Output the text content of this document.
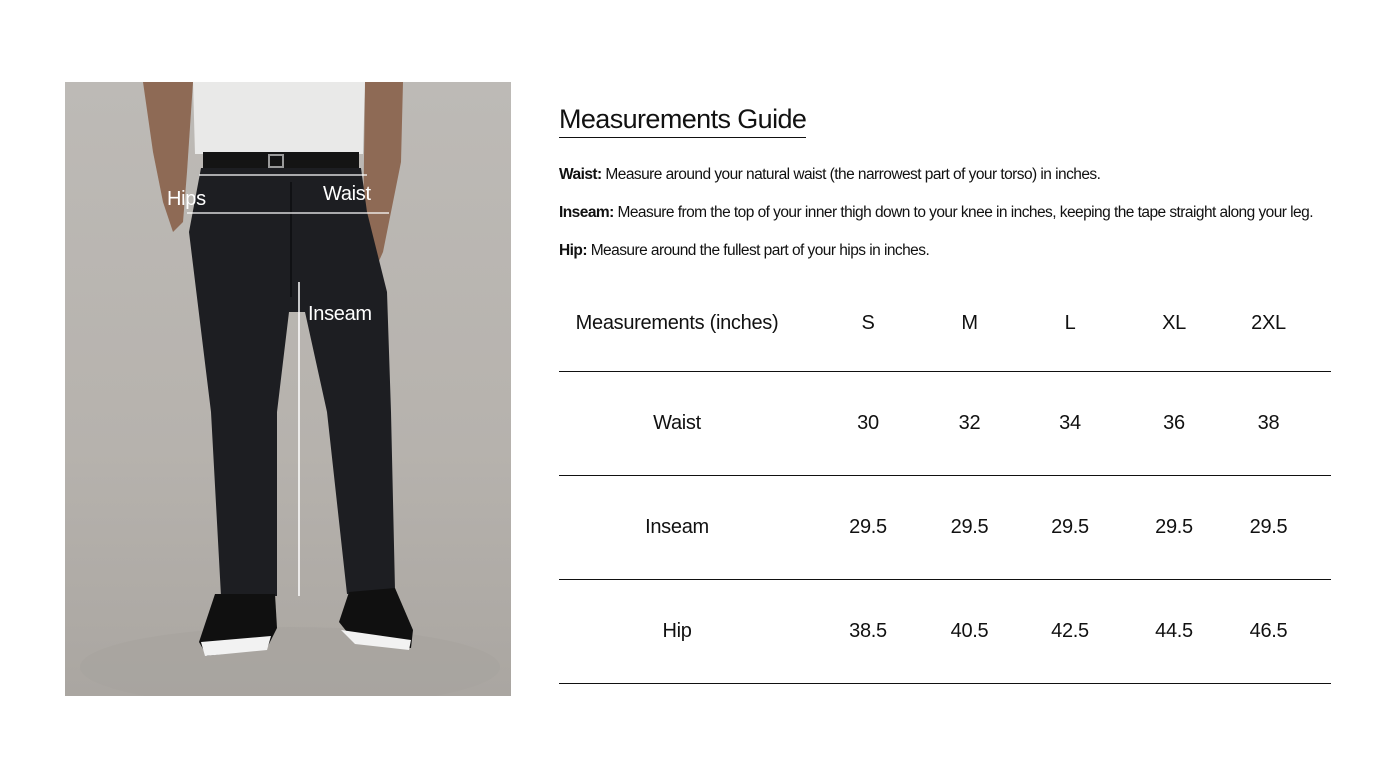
Hips	Waist
Inseam
Measurements Guide

Waist: Measure around your natural waist (the narrowest part of your torso) in inches.

Inseam: Measure from the top of your inner thigh down to your knee in inches, keeping the tape straight along your leg.

Hip: Measure around the fullest part of your hips in inches.

Measurements (inches)	S	M	L	XL	2XL
Waist	30	32	34	36	38
Inseam	29.5	29.5	29.5	29.5	29.5
Hip	38.5	40.5	42.5	44.5	46.5
